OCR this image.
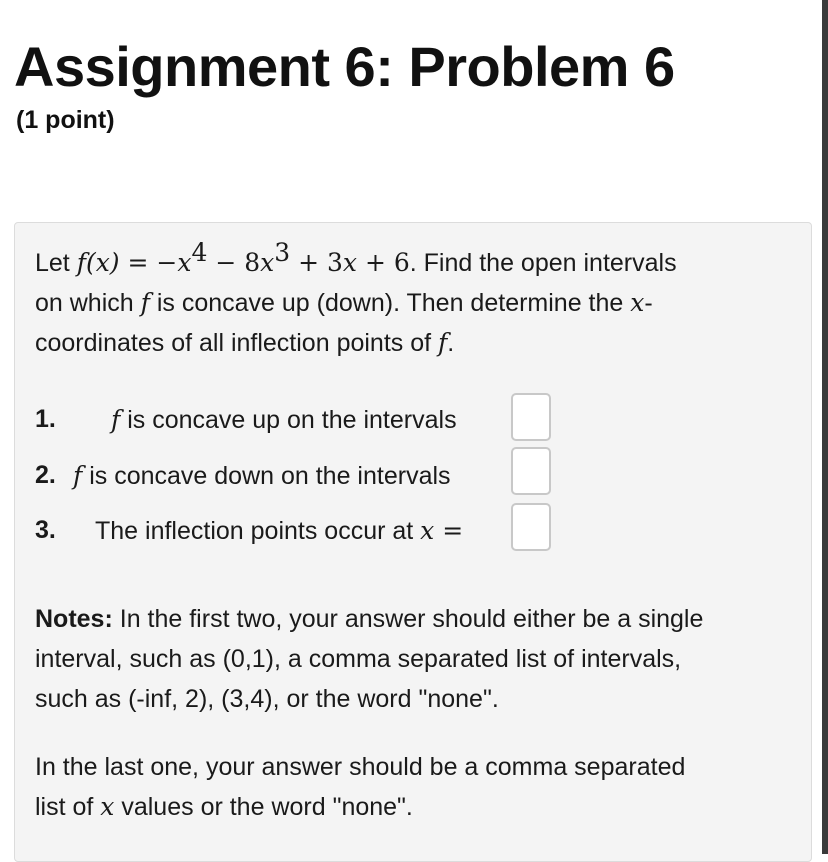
Assignment 6: Problem 6
(1 point)
Let $f(x) = -x^4 - 8x^3 + 3x + 6$. Find the open intervals
on which f is concave up (down). Then determine the x-
coordinates of all inflection points of f.
1. f is concave up on the intervals
2. f is concave down on the intervals
3. The inflection points occur at x =
Notes: In the first two, your answer should either be a single
interval, such as (0,1), a comma separated list of intervals,
such as (-inf, 2), (3,4), or the word "none".
In the last one, your answer should be a comma separated
list of x values or the word "none".
